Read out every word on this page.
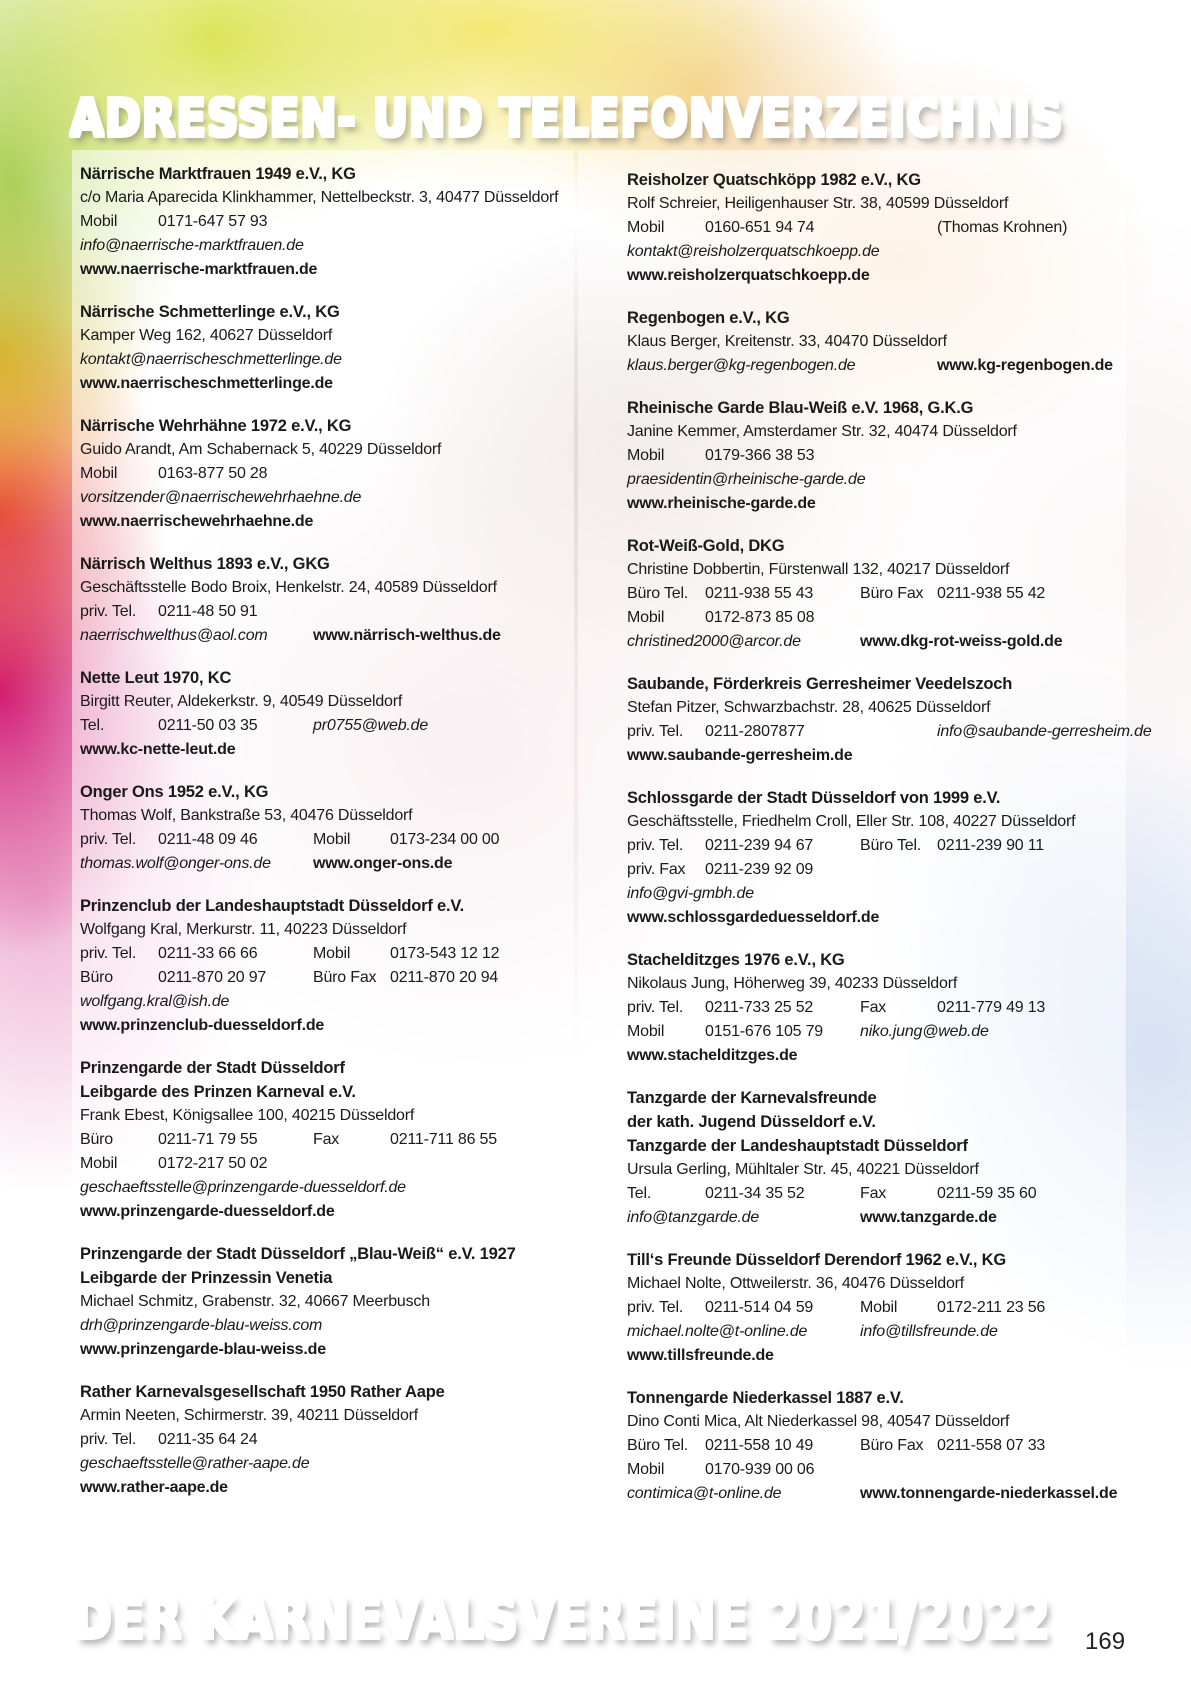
ADRESSEN- UND TELEFONVERZEICHNIS
Närrische Marktfrauen 1949 e.V., KG
c/o Maria Aparecida Klinkhammer, Nettelbeckstr. 3, 40477 Düsseldorf
Mobil	0171-647 57 93
info@naerrische-marktfrauen.de
www.naerrische-marktfrauen.de
Närrische Schmetterlinge e.V., KG
Kamper Weg 162, 40627 Düsseldorf
kontakt@naerrischeschmetterlinge.de
www.naerrischeschmetterlinge.de
Närrische Wehrhähne 1972 e.V., KG
Guido Arandt, Am Schabernack 5, 40229 Düsseldorf
Mobil	0163-877 50 28
vorsitzender@naerrischewehrhaehne.de
www.naerrischewehrhaehne.de
Närrisch Welthus 1893 e.V., GKG
Geschäftsstelle Bodo Broix, Henkelstr. 24, 40589 Düsseldorf
priv. Tel. 0211-48 50 91
naerrischwelthus@aol.com	www.närrisch-welthus.de
Nette Leut 1970, KC
Birgitt Reuter, Aldekerkstr. 9, 40549 Düsseldorf
Tel.	0211-50 03 35	pr0755@web.de
www.kc-nette-leut.de
Onger Ons 1952 e.V., KG
Thomas Wolf, Bankstraße 53, 40476 Düsseldorf
priv. Tel. 0211-48 09 46	Mobil 0173-234 00 00
thomas.wolf@onger-ons.de	www.onger-ons.de
Prinzenclub der Landeshauptstadt Düsseldorf e.V.
Wolfgang Kral, Merkurstr. 11, 40223 Düsseldorf
priv. Tel. 0211-33 66 66	Mobil 0173-543 12 12
Büro	0211-870 20 97	Büro Fax 0211-870 20 94
wolfgang.kral@ish.de
www.prinzenclub-duesseldorf.de
Prinzengarde der Stadt Düsseldorf
Leibgarde des Prinzen Karneval e.V.
Frank Ebest, Königsallee 100, 40215 Düsseldorf
Büro	0211-71 79 55	Fax	0211-711 86 55
Mobil	0172-217 50 02
geschaeftsstelle@prinzengarde-duesseldorf.de
www.prinzengarde-duesseldorf.de
Prinzengarde der Stadt Düsseldorf „Blau-Weiß“ e.V. 1927
Leibgarde der Prinzessin Venetia
Michael Schmitz, Grabenstr. 32, 40667 Meerbusch
drh@prinzengarde-blau-weiss.com
www.prinzengarde-blau-weiss.de
Rather Karnevalsgesellschaft 1950 Rather Aape
Armin Neeten, Schirmerstr. 39, 40211 Düsseldorf
priv. Tel. 0211-35 64 24
geschaeftsstelle@rather-aape.de
www.rather-aape.de
Reisholzer Quatschköpp 1982 e.V., KG
Rolf Schreier, Heiligenhauser Str. 38, 40599 Düsseldorf
Mobil	0160-651 94 74	(Thomas Krohnen)
kontakt@reisholzerquatschkoepp.de
www.reisholzerquatschkoepp.de
Regenbogen e.V., KG
Klaus Berger, Kreitenstr. 33, 40470 Düsseldorf
klaus.berger@kg-regenbogen.de	www.kg-regenbogen.de
Rheinische Garde Blau-Weiß e.V. 1968, G.K.G
Janine Kemmer, Amsterdamer Str. 32, 40474 Düsseldorf
Mobil	0179-366 38 53
praesidentin@rheinische-garde.de
www.rheinische-garde.de
Rot-Weiß-Gold, DKG
Christine Dobbertin, Fürstenwall 132, 40217 Düsseldorf
Büro Tel. 0211-938 55 43	Büro Fax 0211-938 55 42
Mobil	0172-873 85 08
christined2000@arcor.de	www.dkg-rot-weiss-gold.de
Saubande, Förderkreis Gerresheimer Veedelszoch
Stefan Pitzer, Schwarzbachstr. 28, 40625 Düsseldorf
priv. Tel. 0211-2807877	info@saubande-gerresheim.de
www.saubande-gerresheim.de
Schlossgarde der Stadt Düsseldorf von 1999 e.V.
Geschäftsstelle, Friedhelm Croll, Eller Str. 108, 40227 Düsseldorf
priv. Tel. 0211-239 94 67	Büro Tel. 0211-239 90 11
priv. Fax 0211-239 92 09
info@gvi-gmbh.de
www.schlossgardeduesseldorf.de
Stachelditzges 1976 e.V., KG
Nikolaus Jung, Höherweg 39, 40233 Düsseldorf
priv. Tel. 0211-733 25 52	Fax	0211-779 49 13
Mobil	0151-676 105 79 niko.jung@web.de
www.stachelditzges.de
Tanzgarde der Karnevalsfreunde
der kath. Jugend Düsseldorf e.V.
Tanzgarde der Landeshauptstadt Düsseldorf
Ursula Gerling, Mühltaler Str. 45, 40221 Düsseldorf
Tel.	0211-34 35 52	Fax	0211-59 35 60
info@tanzgarde.de	www.tanzgarde.de
Till‘s Freunde Düsseldorf Derendorf 1962 e.V., KG
Michael Nolte, Ottweilerstr. 36, 40476 Düsseldorf
priv. Tel. 0211-514 04 59	Mobil 0172-211 23 56
michael.nolte@t-online.de	info@tillsfreunde.de
www.tillsfreunde.de
Tonnengarde Niederkassel 1887 e.V.
Dino Conti Mica, Alt Niederkassel 98, 40547 Düsseldorf
Büro Tel. 0211-558 10 49	Büro Fax 0211-558 07 33
Mobil	0170-939 00 06
contimica@t-online.de	www.tonnengarde-niederkassel.de
DER KARNEVALSVEREINE 2021/2022 169
